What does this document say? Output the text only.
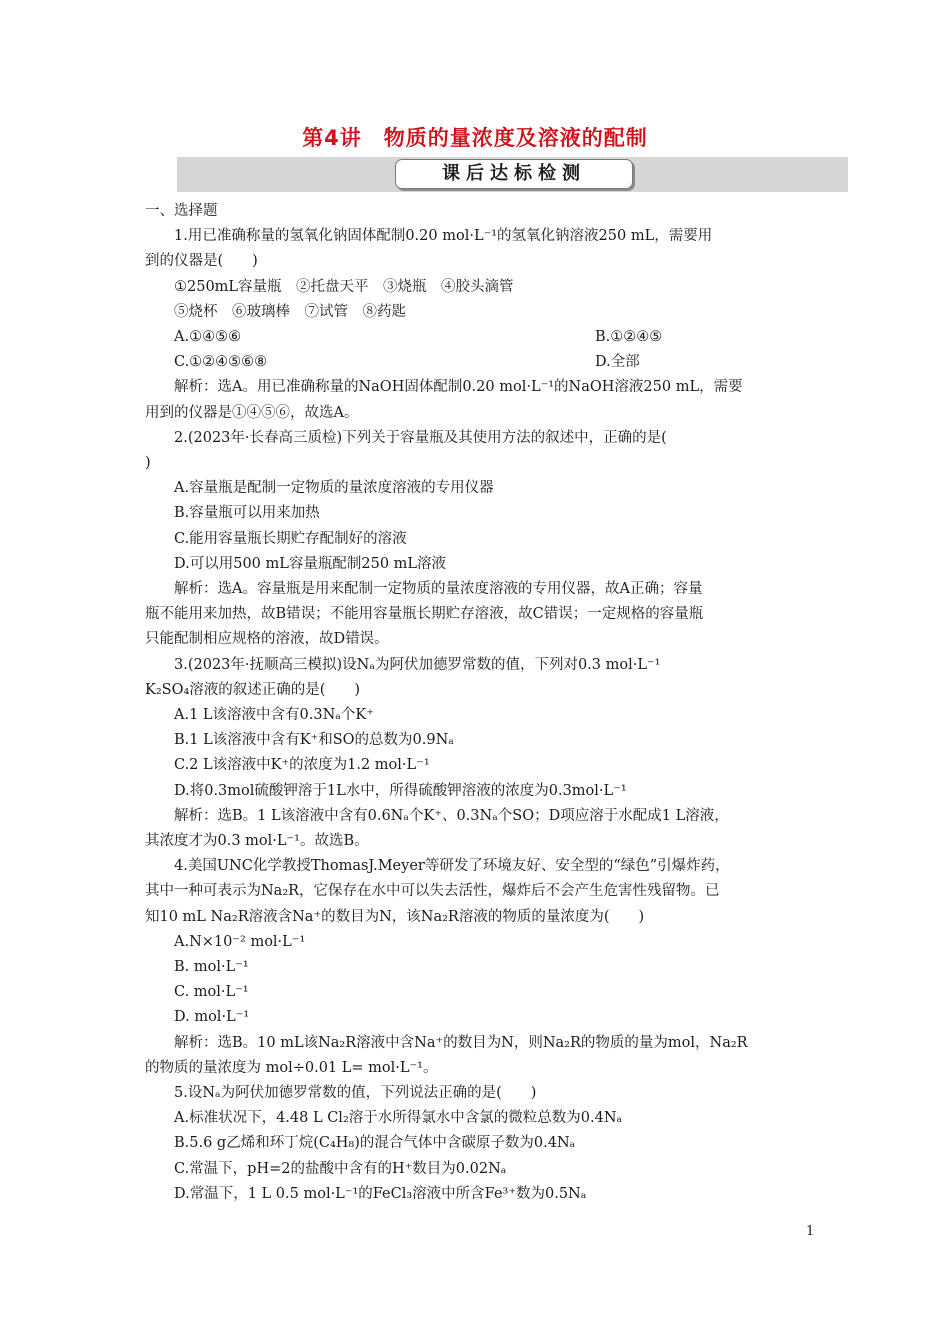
第4讲　物质的量浓度及溶液的配制
课后达标检测

一、选择题

1.用已准确称量的氢氧化钠固体配制0.20 mol·L⁻¹的氢氧化钠溶液250 mL，需要用

到的仪器是(　　)

①250mL容量瓶　②托盘天平　③烧瓶　④胶头滴管

⑤烧杯　⑥玻璃棒　⑦试管　⑧药匙

A.①④⑤⑥	B.①②④⑤
C.①②④⑤⑥⑧	D.全部

解析：选A。用已准确称量的NaOH固体配制0.20 mol·L⁻¹的NaOH溶液250 mL，需要

用到的仪器是①④⑤⑥，故选A。

2.(2023年·长春高三质检)下列关于容量瓶及其使用方法的叙述中，正确的是(

)

A.容量瓶是配制一定物质的量浓度溶液的专用仪器

B.容量瓶可以用来加热

C.能用容量瓶长期贮存配制好的溶液

D.可以用500 mL容量瓶配制250 mL溶液

解析：选A。容量瓶是用来配制一定物质的量浓度溶液的专用仪器，故A正确；容量

瓶不能用来加热，故B错误；不能用容量瓶长期贮存溶液，故C错误；一定规格的容量瓶

只能配制相应规格的溶液，故D错误。

3.(2023年·抚顺高三模拟)设Nₐ为阿伏加德罗常数的值，下列对0.3 mol·L⁻¹

K₂SO₄溶液的叙述正确的是(　　)

A.1 L该溶液中含有0.3Nₐ个K⁺

B.1 L该溶液中含有K⁺和SO的总数为0.9Nₐ

C.2 L该溶液中K⁺的浓度为1.2 mol·L⁻¹

D.将0.3mol硫酸钾溶于1L水中，所得硫酸钾溶液的浓度为0.3mol·L⁻¹

解析：选B。1 L该溶液中含有0.6Nₐ个K⁺、0.3Nₐ个SO；D项应溶于水配成1 L溶液，

其浓度才为0.3 mol·L⁻¹。故选B。

4.美国UNC化学教授ThomasJ.Meyer等研发了环境友好、安全型的“绿色”引爆炸药，

其中一种可表示为Na₂R，它保存在水中可以失去活性，爆炸后不会产生危害性残留物。已

知10 mL Na₂R溶液含Na⁺的数目为N，该Na₂R溶液的物质的量浓度为(　　)

A.N×10⁻² mol·L⁻¹

B. mol·L⁻¹

C. mol·L⁻¹

D. mol·L⁻¹

解析：选B。10 mL该Na₂R溶液中含Na⁺的数目为N，则Na₂R的物质的量为mol，Na₂R

的物质的量浓度为 mol÷0.01 L= mol·L⁻¹。

5.设Nₐ为阿伏加德罗常数的值，下列说法正确的是(　　)

A.标准状况下，4.48 L Cl₂溶于水所得氯水中含氯的微粒总数为0.4Nₐ

B.5.6 g乙烯和环丁烷(C₄H₈)的混合气体中含碳原子数为0.4Nₐ

C.常温下，pH=2的盐酸中含有的H⁺数目为0.02Nₐ

D.常温下，1 L 0.5 mol·L⁻¹的FeCl₃溶液中所含Fe³⁺数为0.5Nₐ

1
